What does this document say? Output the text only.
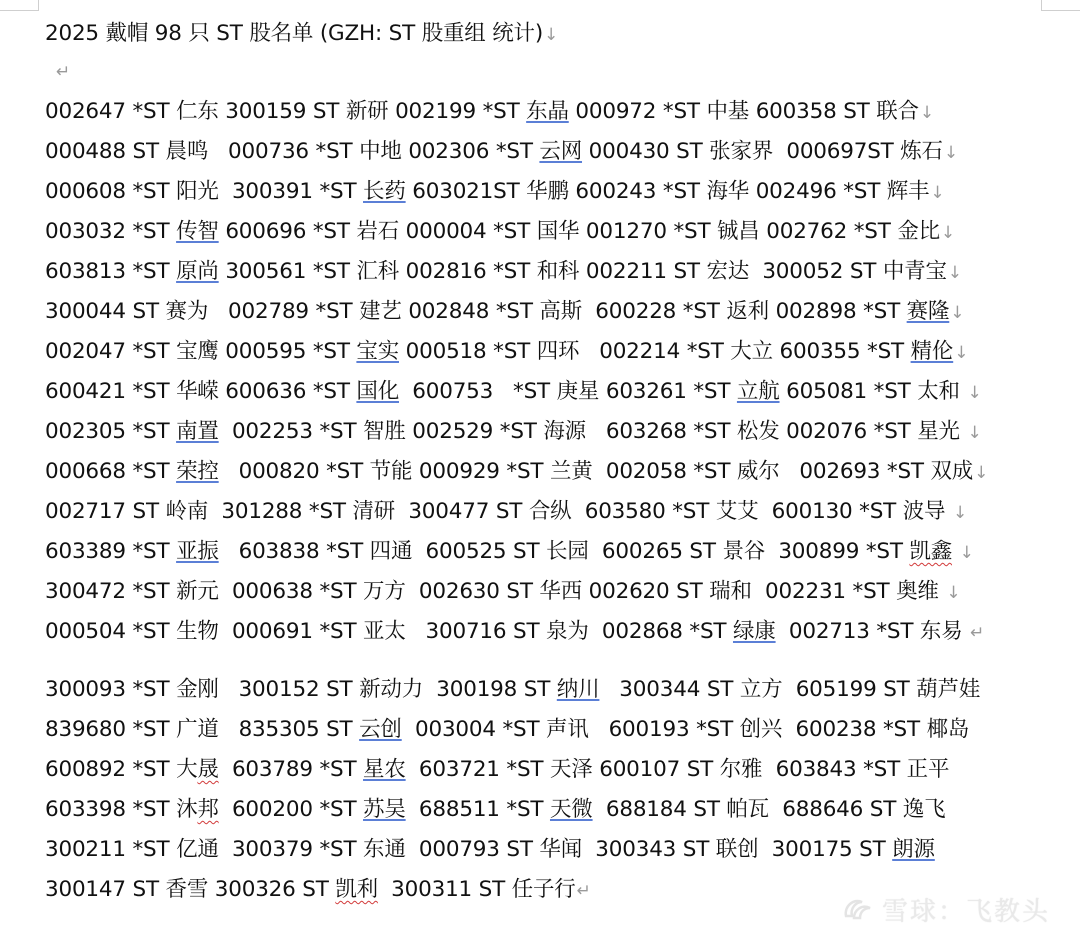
2025 戴帽 98 只 ST 股名单 (GZH: ST 股重组 统计)↓
↵
002647 *ST 仁东 300159 ST 新研 002199 *ST 东晶 000972 *ST 中基 600358 ST 联合↓
000488 ST 晨鸣   000736 *ST 中地 002306 *ST 云网 000430 ST 张家界  000697ST 炼石↓
000608 *ST 阳光  300391 *ST 长药 603021ST 华鹏 600243 *ST 海华 002496 *ST 辉丰↓
003032 *ST 传智 600696 *ST 岩石 000004 *ST 国华 001270 *ST 铖昌 002762 *ST 金比↓
603813 *ST 原尚 300561 *ST 汇科 002816 *ST 和科 002211 ST 宏达  300052 ST 中青宝↓
300044 ST 赛为   002789 *ST 建艺 002848 *ST 高斯  600228 *ST 返利 002898 *ST 赛隆↓
002047 *ST 宝鹰 000595 *ST 宝实 000518 *ST 四环   002214 *ST 大立 600355 *ST 精伦↓
600421 *ST 华嵘 600636 *ST 国化  600753   *ST 庚星 603261 *ST 立航 605081 *ST 太和 ↓
002305 *ST 南置  002253 *ST 智胜 002529 *ST 海源   603268 *ST 松发 002076 *ST 星光 ↓
000668 *ST 荣控   000820 *ST 节能 000929 *ST 兰黄  002058 *ST 威尔   002693 *ST 双成↓
002717 ST 岭南  301288 *ST 清研  300477 ST 合纵  603580 *ST 艾艾  600130 *ST 波导 ↓
603389 *ST 亚振   603838 *ST 四通  600525 ST 长园  600265 ST 景谷  300899 *ST 凯鑫 ↓
300472 *ST 新元  000638 *ST 万方  002630 ST 华西 002620 ST 瑞和  002231 *ST 奥维 ↓
000504 *ST 生物  000691 *ST 亚太   300716 ST 泉为  002868 *ST 绿康  002713 *ST 东易 ↵
300093 *ST 金刚   300152 ST 新动力  300198 ST 纳川   300344 ST 立方  605199 ST 葫芦娃
839680 *ST 广道   835305 ST 云创  003004 *ST 声讯   600193 *ST 创兴  600238 *ST 椰岛
600892 *ST 大晟  603789 *ST 星农  603721 *ST 天泽 600107 ST 尔雅  603843 *ST 正平
603398 *ST 沐邦  600200 *ST 苏吴  688511 *ST 天微  688184 ST 帕瓦  688646 ST 逸飞
300211 *ST 亿通  300379 *ST 东通  000793 ST 华闻  300343 ST 联创  300175 ST 朗源
300147 ST 香雪 300326 ST 凯利  300311 ST 任子行↵
雪球：飞教头
